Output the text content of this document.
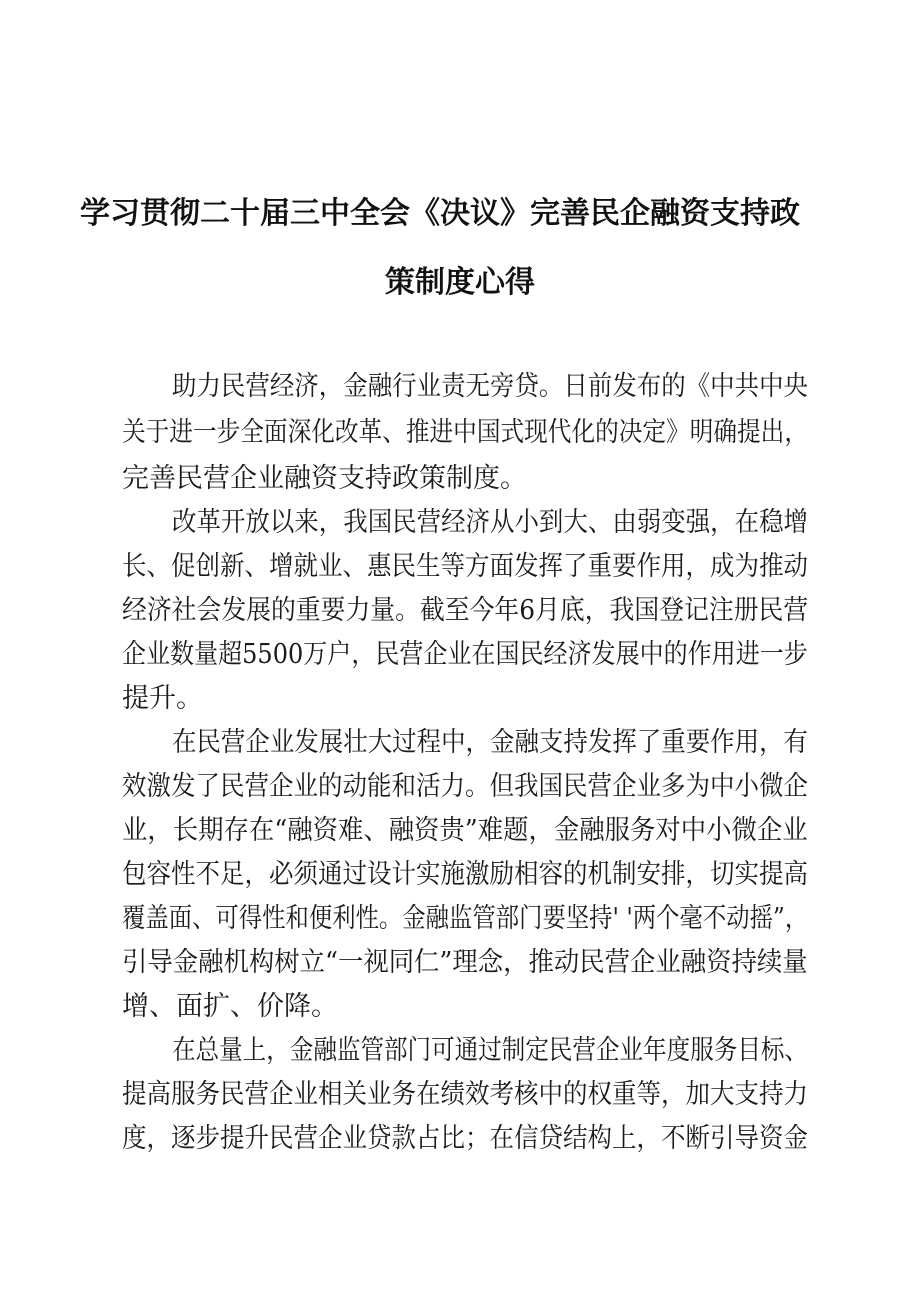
学习贯彻二十届三中全会《决议》完善民企融资支持政
策制度心得
助力民营经济，金融行业责无旁贷。日前发布的《中共中央
关于进一步全面深化改革、推进中国式现代化的决定》明确提出，
完善民营企业融资支持政策制度。
改革开放以来，我国民营经济从小到大、由弱变强，在稳增
长、促创新、增就业、惠民生等方面发挥了重要作用，成为推动
经济社会发展的重要力量。截至今年6月底，我国登记注册民营
企业数量超5500万户，民营企业在国民经济发展中的作用进一步
提升。
在民营企业发展壮大过程中，金融支持发挥了重要作用，有
效激发了民营企业的动能和活力。但我国民营企业多为中小微企
业，长期存在“融资难、融资贵”难题，金融服务对中小微企业
包容性不足，必须通过设计实施激励相容的机制安排，切实提高
覆盖面、可得性和便利性。金融监管部门要坚持' '两个毫不动摇”，
引导金融机构树立“一视同仁”理念，推动民营企业融资持续量
增、面扩、价降。
在总量上，金融监管部门可通过制定民营企业年度服务目标、
提高服务民营企业相关业务在绩效考核中的权重等，加大支持力
度，逐步提升民营企业贷款占比；在信贷结构上，不断引导资金
